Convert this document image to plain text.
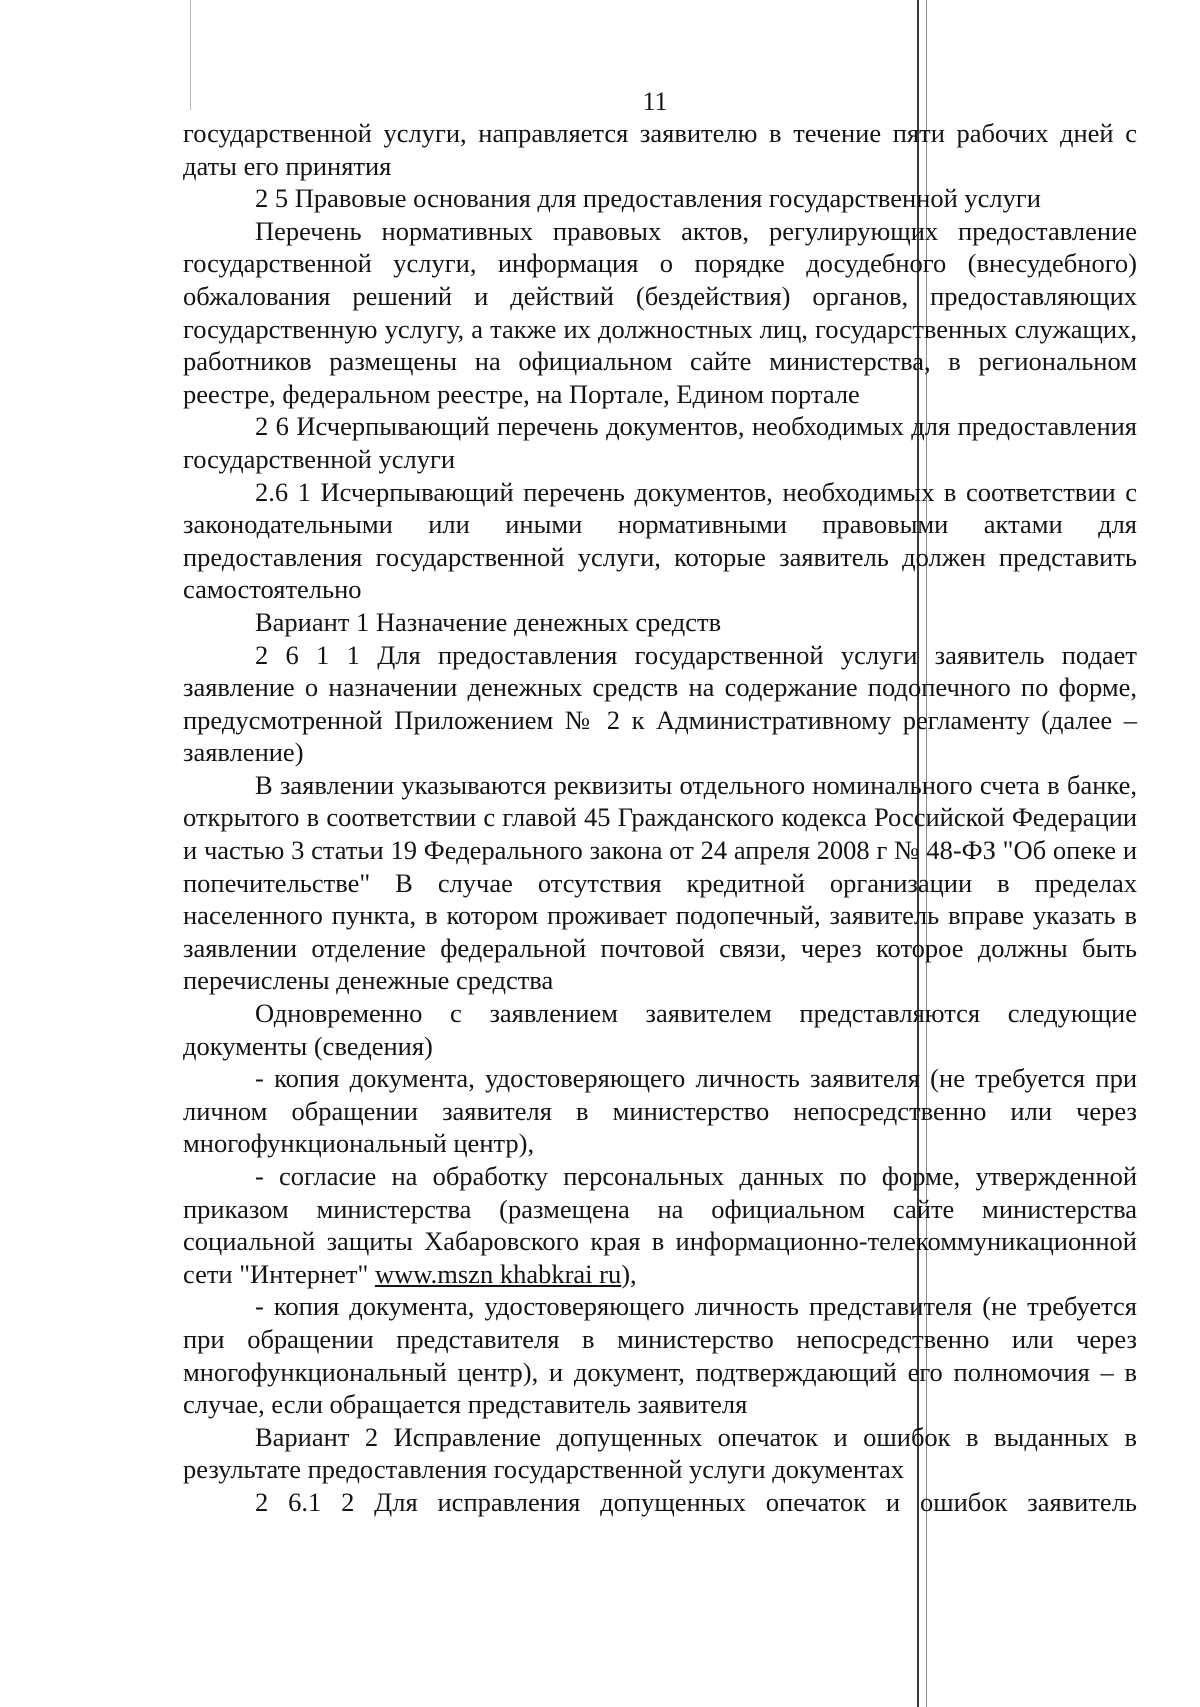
11

государственной услуги, направляется заявителю в течение пяти рабочих дней с даты его принятия

2 5 Правовые основания для предоставления государственной услуги

Перечень нормативных правовых актов, регулирующих предоставление государственной услуги, информация о порядке досудебного (внесудебного) обжалования решений и действий (бездействия) органов, предоставляющих государственную услугу, а также их должностных лиц, государственных служащих, работников размещены на официальном сайте министерства, в региональном реестре, федеральном реестре, на Портале, Едином портале

2 6 Исчерпывающий перечень документов, необходимых для предоставления государственной услуги

2.6 1 Исчерпывающий перечень документов, необходимых в соответствии с законодательными или иными нормативными правовыми актами для предоставления государственной услуги, которые заявитель должен представить самостоятельно

Вариант 1 Назначение денежных средств

2 6 1 1 Для предоставления государственной услуги заявитель подает заявление о назначении денежных средств на содержание подопечного по форме, предусмотренной Приложением № 2 к Административному регламенту (далее – заявление)

В заявлении указываются реквизиты отдельного номинального счета в банке, открытого в соответствии с главой 45 Гражданского кодекса Российской Федерации и частью 3 статьи 19 Федерального закона от 24 апреля 2008 г № 48-ФЗ "Об опеке и попечительстве" В случае отсутствия кредитной организации в пределах населенного пункта, в котором проживает подопечный, заявитель вправе указать в заявлении отделение федеральной почтовой связи, через которое должны быть перечислены денежные средства

Одновременно с заявлением заявителем представляются следующие документы (сведения)

- копия документа, удостоверяющего личность заявителя (не требуется при личном обращении заявителя в министерство непосредственно или через многофункциональный центр),

- согласие на обработку персональных данных по форме, утвержденной приказом министерства (размещена на официальном сайте министерства социальной защиты Хабаровского края в информационно-телекоммуникационной сети "Интернет" www.mszn khabkrai ru),

- копия документа, удостоверяющего личность представителя (не требуется при обращении представителя в министерство непосредственно или через многофункциональный центр), и документ, подтверждающий его полномочия – в случае, если обращается представитель заявителя

Вариант 2 Исправление допущенных опечаток и ошибок в выданных в результате предоставления государственной услуги документах

2 6.1 2 Для исправления допущенных опечаток и ошибок заявитель
